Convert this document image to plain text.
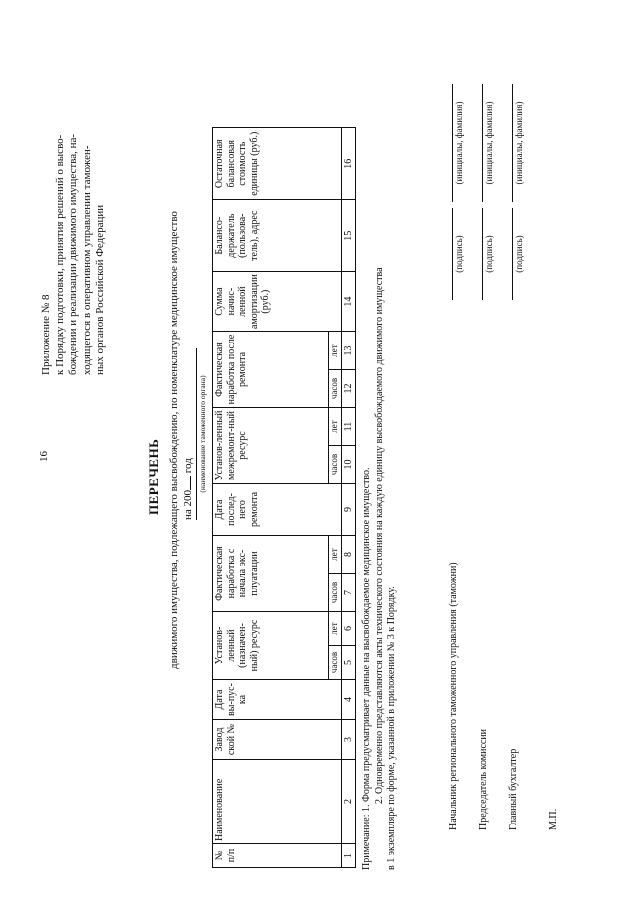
16
Приложение № 8 к Порядку подготовки, принятия решений о высво- бождении и реализации движимого имущества, на- ходящегося в оперативном управлении таможен- ных органов Российской Федерации
ПЕРЕЧЕНЬ движимого имущества, подлежащего высвобождению, по номенклатуре медицинское имущество на 200 год (наименование таможенного органа)
№ п/п	Наименование	Завод ской №	Дата вы-пус-ка	Установ-ленный (назначен-ный) ресурс		Фактическая наработка с начала экс-плуатации		Дата послед-него ремонта	Установ-ленный межремонт-ный ресурс		Фактическая наработка после ремонта		Сумма начис-ленной амортизации (руб.)	Балансо-держатель (пользова-тель), адрес	Остаточная балансовая стоимость единицы (руб.)
				часов	лет	часов	лет		часов	лет	часов	лет			
1	2	3	4	5	6	7	8	9	10	11	12	13	14	15	16
Примечание: 1. Форма предусматривает данные на высвобождаемое медицинское имущество. 2. Одновременно представляются акты технического состояния на каждую единицу высвобождаемого движимого имущества в 1 экземпляре по форме, указанной в приложении № 3 к Порядку.	Начальник регионального таможенного управления (таможни)
(подпись)
(инициалы, фамилия)
Председатель комиссии
(подпись)
(инициалы, фамилия)
Главный бухгалтер
(подпись)
(инициалы, фамилия)
М.П.
